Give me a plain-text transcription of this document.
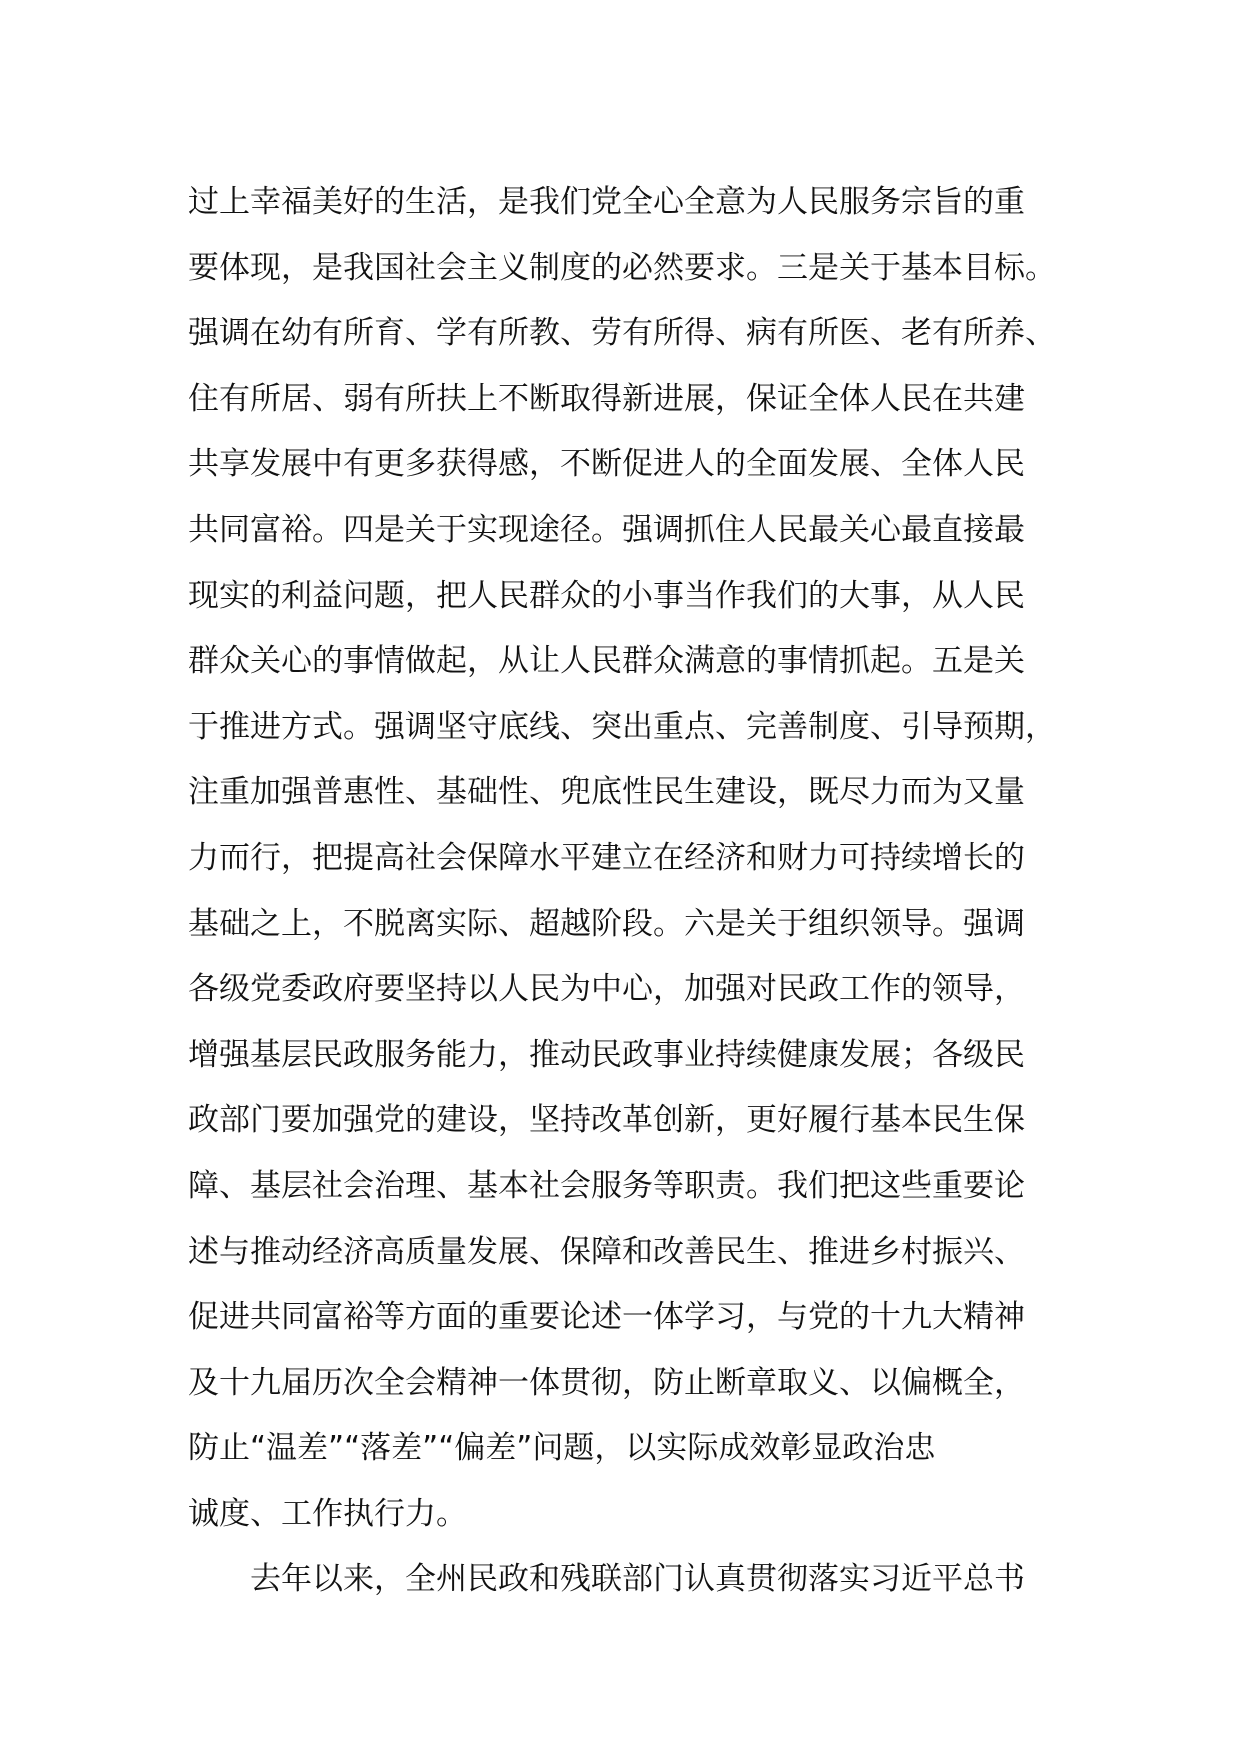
过上幸福美好的生活，是我们党全心全意为人民服务宗旨的重
要体现，是我国社会主义制度的必然要求。三是关于基本目标。
强调在幼有所育、学有所教、劳有所得、病有所医、老有所养、
住有所居、弱有所扶上不断取得新进展，保证全体人民在共建
共享发展中有更多获得感，不断促进人的全面发展、全体人民
共同富裕。四是关于实现途径。强调抓住人民最关心最直接最
现实的利益问题，把人民群众的小事当作我们的大事，从人民
群众关心的事情做起，从让人民群众满意的事情抓起。五是关
于推进方式。强调坚守底线、突出重点、完善制度、引导预期，
注重加强普惠性、基础性、兜底性民生建设，既尽力而为又量
力而行，把提高社会保障水平建立在经济和财力可持续增长的
基础之上，不脱离实际、超越阶段。六是关于组织领导。强调
各级党委政府要坚持以人民为中心，加强对民政工作的领导，
增强基层民政服务能力，推动民政事业持续健康发展；各级民
政部门要加强党的建设，坚持改革创新，更好履行基本民生保
障、基层社会治理、基本社会服务等职责。我们把这些重要论
述与推动经济高质量发展、保障和改善民生、推进乡村振兴、
促进共同富裕等方面的重要论述一体学习，与党的十九大精神
及十九届历次全会精神一体贯彻，防止断章取义、以偏概全，
防止“温差”“落差”“偏差”问题，以实际成效彰显政治忠
诚度、工作执行力。
去年以来，全州民政和残联部门认真贯彻落实习近平总书
